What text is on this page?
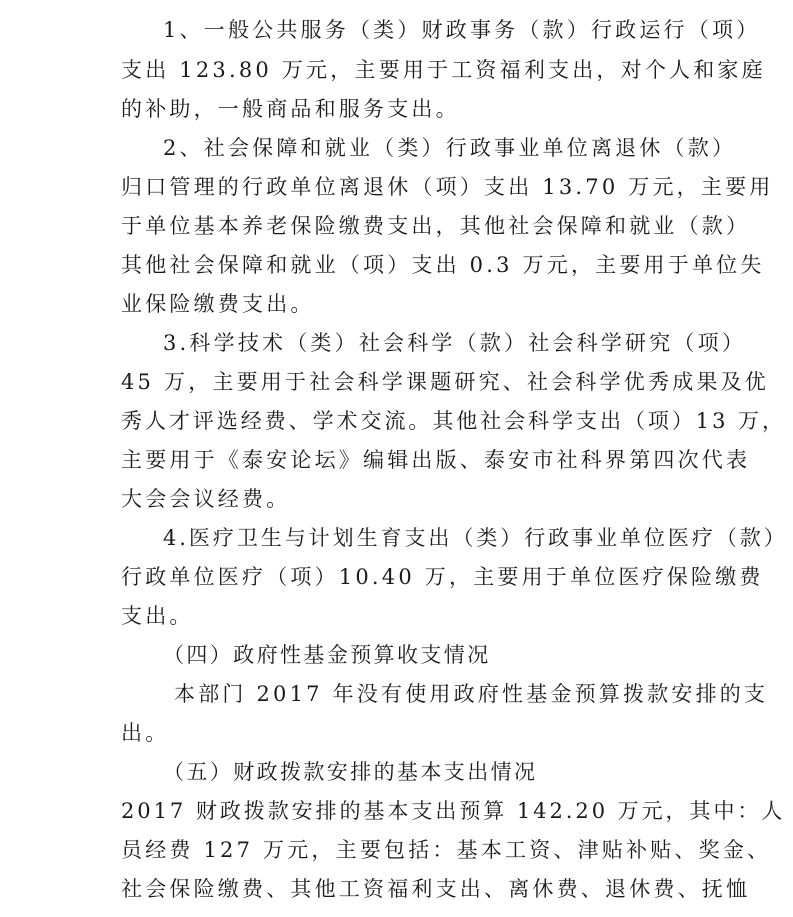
1、一般公共服务（类）财政事务（款）行政运行（项）
支出 123.80 万元，主要用于工资福利支出，对个人和家庭
的补助，一般商品和服务支出。
2、社会保障和就业（类）行政事业单位离退休（款）
归口管理的行政单位离退休（项）支出 13.70 万元，主要用
于单位基本养老保险缴费支出，其他社会保障和就业（款）
其他社会保障和就业（项）支出 0.3 万元，主要用于单位失
业保险缴费支出。
3.科学技术（类）社会科学（款）社会科学研究（项）
45 万，主要用于社会科学课题研究、社会科学优秀成果及优
秀人才评选经费、学术交流。其他社会科学支出（项）13 万，
主要用于《泰安论坛》编辑出版、泰安市社科界第四次代表
大会会议经费。
4.医疗卫生与计划生育支出（类）行政事业单位医疗（款）
行政单位医疗（项）10.40 万，主要用于单位医疗保险缴费
支出。
（四）政府性基金预算收支情况
本部门 2017 年没有使用政府性基金预算拨款安排的支
出。
（五）财政拨款安排的基本支出情况
2017 财政拨款安排的基本支出预算 142.20 万元，其中：人
员经费 127 万元，主要包括：基本工资、津贴补贴、奖金、
社会保险缴费、其他工资福利支出、离休费、退休费、抚恤
